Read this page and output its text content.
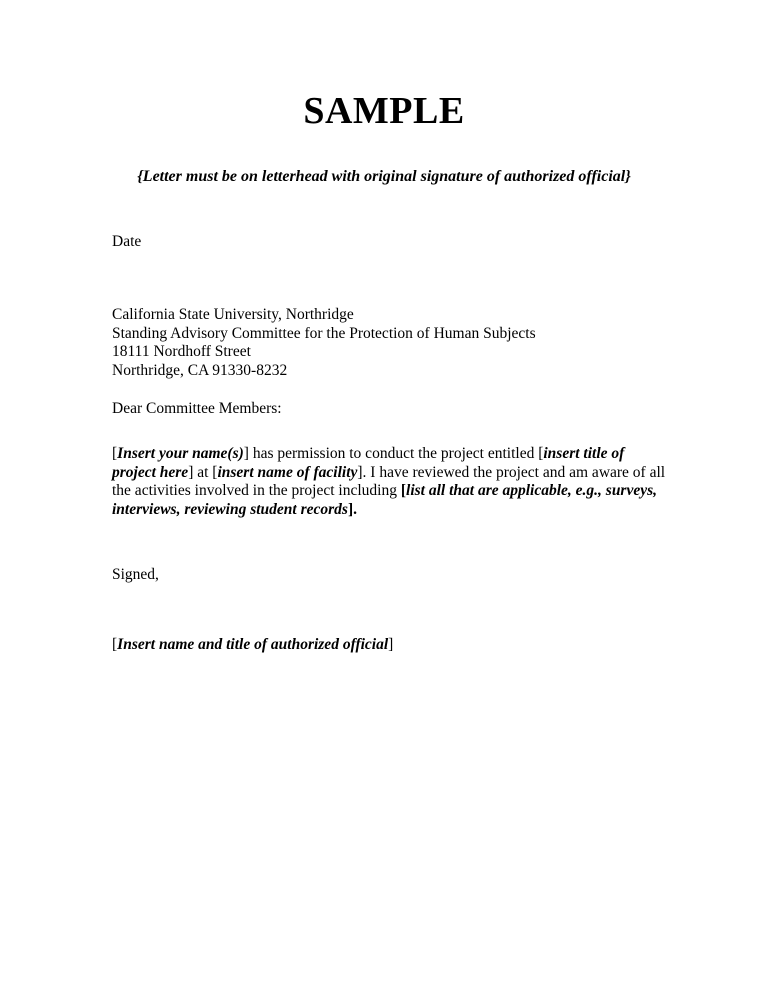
SAMPLE
{Letter must be on letterhead with original signature of authorized official}
Date
California State University, Northridge
Standing Advisory Committee for the Protection of Human Subjects
18111 Nordhoff Street
Northridge, CA 91330-8232
Dear Committee Members:
[Insert your name(s)] has permission to conduct the project entitled [insert title of project here] at [insert name of facility]. I have reviewed the project and am aware of all the activities involved in the project including [list all that are applicable, e.g., surveys, interviews, reviewing student records].
Signed,
[Insert name and title of authorized official]
